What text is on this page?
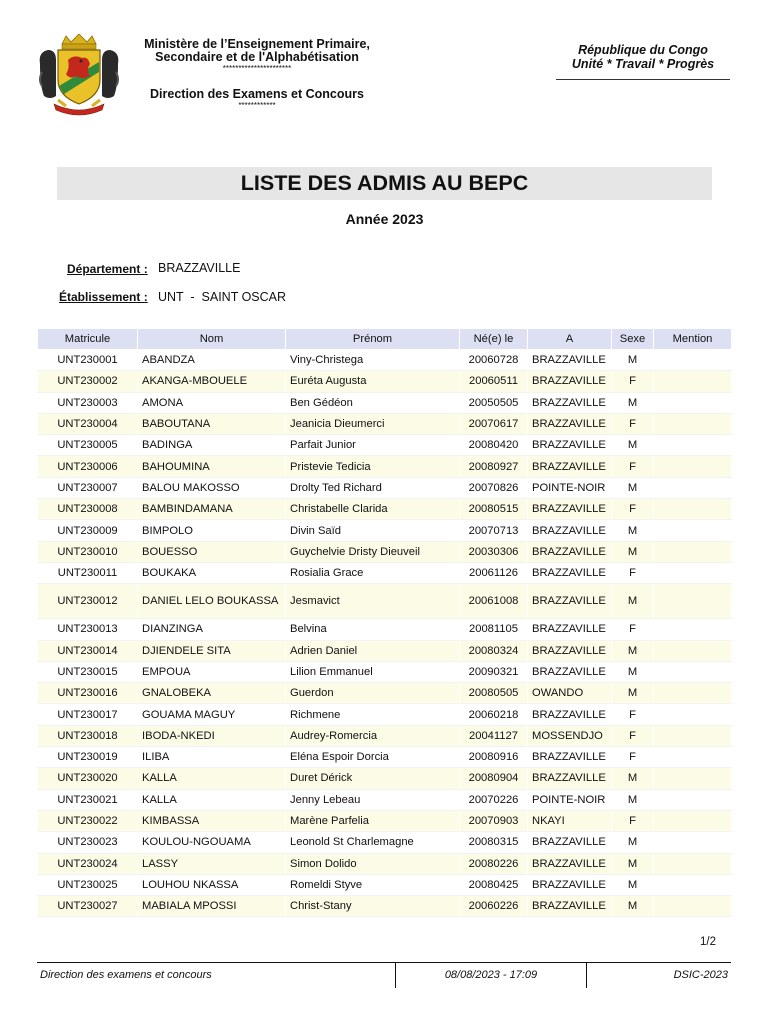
Ministère de l’Enseignement Primaire,
Secondaire et de l'Alphabétisation
**********************
Direction des Examens et Concours
************
République du Congo
Unité * Travail * Progrès
LISTE DES ADMIS AU BEPC
Année 2023
Département : BRAZZAVILLE
Établissement : UNT  -  SAINT OSCAR
Matricule	Nom	Prénom	Né(e) le	A	Sexe	Mention
UNT230001	ABANDZA	Viny-Christega	20060728	BRAZZAVILLE	M	
UNT230002	AKANGA-MBOUELE	Euréta Augusta	20060511	BRAZZAVILLE	F	
UNT230003	AMONA	Ben Gédéon	20050505	BRAZZAVILLE	M	
UNT230004	BABOUTANA	Jeanicia Dieumerci	20070617	BRAZZAVILLE	F	
UNT230005	BADINGA	Parfait Junior	20080420	BRAZZAVILLE	M	
UNT230006	BAHOUMINA	Pristevie Tedicia	20080927	BRAZZAVILLE	F	
UNT230007	BALOU MAKOSSO	Drolty Ted Richard	20070826	POINTE-NOIR	M	
UNT230008	BAMBINDAMANA	Christabelle Clarida	20080515	BRAZZAVILLE	F	
UNT230009	BIMPOLO	Divin Saïd	20070713	BRAZZAVILLE	M	
UNT230010	BOUESSO	Guychelvie Dristy Dieuveil	20030306	BRAZZAVILLE	M	
UNT230011	BOUKAKA	Rosialia Grace	20061126	BRAZZAVILLE	F	
UNT230012	DANIEL LELO BOUKASSA	Jesmavict	20061008	BRAZZAVILLE	M	
UNT230013	DIANZINGA	Belvina	20081105	BRAZZAVILLE	F	
UNT230014	DJIENDELE SITA	Adrien Daniel	20080324	BRAZZAVILLE	M	
UNT230015	EMPOUA	Lilion Emmanuel	20090321	BRAZZAVILLE	M	
UNT230016	GNALOBEKA	Guerdon	20080505	OWANDO	M	
UNT230017	GOUAMA MAGUY	Richmene	20060218	BRAZZAVILLE	F	
UNT230018	IBODA-NKEDI	Audrey-Romercia	20041127	MOSSENDJO	F	
UNT230019	ILIBA	Eléna Espoir Dorcia	20080916	BRAZZAVILLE	F	
UNT230020	KALLA	Duret Dérick	20080904	BRAZZAVILLE	M	
UNT230021	KALLA	Jenny Lebeau	20070226	POINTE-NOIR	M	
UNT230022	KIMBASSA	Marène Parfelia	20070903	NKAYI	F	
UNT230023	KOULOU-NGOUAMA	Leonold St Charlemagne	20080315	BRAZZAVILLE	M	
UNT230024	LASSY	Simon Dolido	20080226	BRAZZAVILLE	M	
UNT230025	LOUHOU NKASSA	Romeldi Styve	20080425	BRAZZAVILLE	M	
UNT230027	MABIALA MPOSSI	Christ-Stany	20060226	BRAZZAVILLE	M	
1/2
Direction des examens et concours	08/08/2023 - 17:09	DSIC-2023
